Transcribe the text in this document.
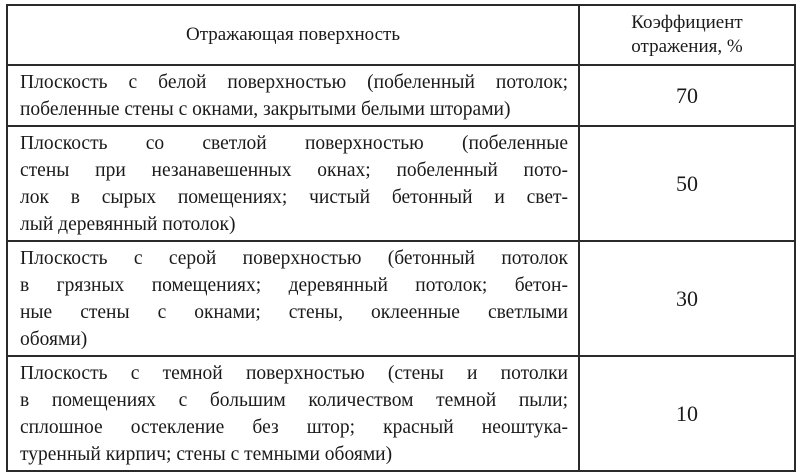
Отражающая поверхность	Коэффициент
отражения, %

Плоскость с белой поверхностью (побеленный потолок;
побеленные стены с окнами, закрытыми белыми шторами)	70

Плоскость со светлой поверхностью (побеленные
стены при незанавешенных окнах; побеленный пото-
лок в сырых помещениях; чистый бетонный и свет-
лый деревянный потолок)	50

Плоскость с серой поверхностью (бетонный потолок
в грязных помещениях; деревянный потолок; бетон-
ные стены с окнами; стены, оклеенные светлыми
обоями)	30

Плоскость с темной поверхностью (стены и потолки
в помещениях с большим количеством темной пыли;
сплошное остекление без штор; красный неоштука-
туренный кирпич; стены с темными обоями)	10
